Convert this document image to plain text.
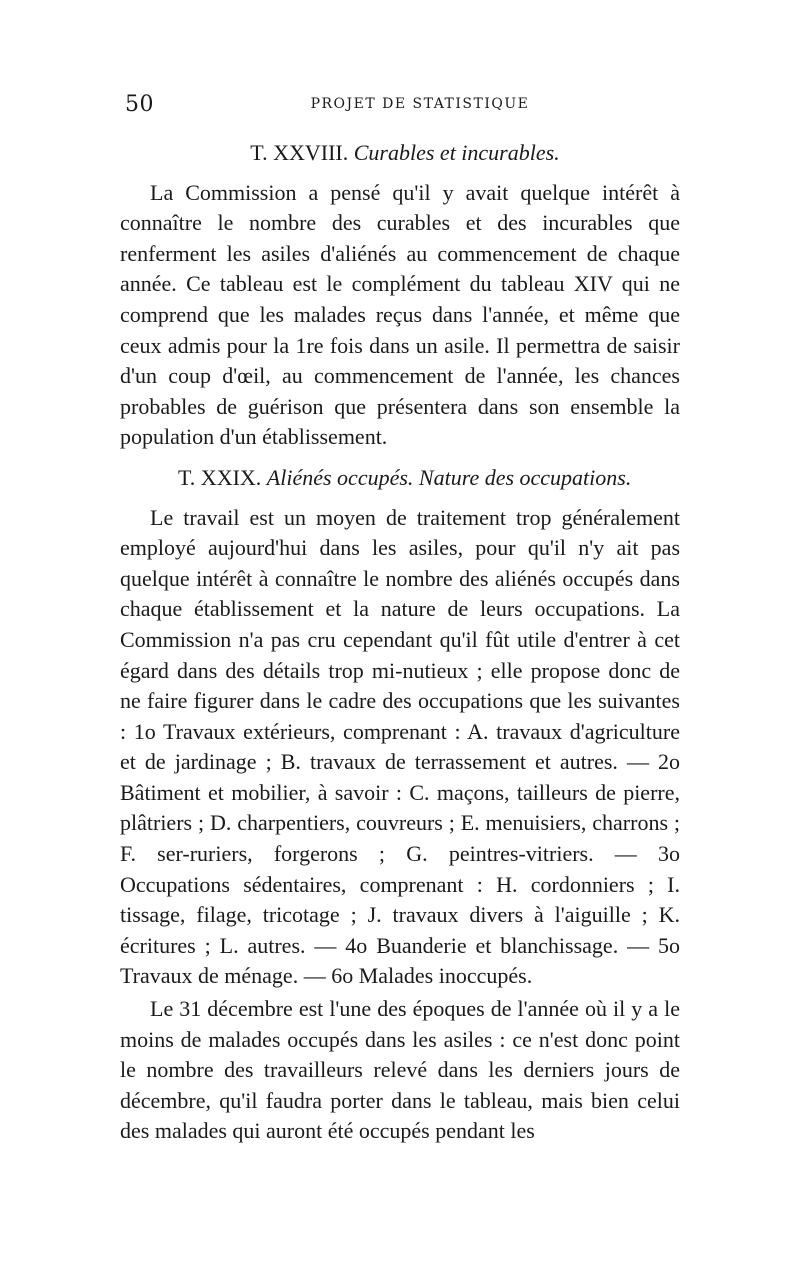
50	PROJET DE STATISTIQUE
T. XXVIII. Curables et incurables.

La Commission a pensé qu'il y avait quelque intérêt à connaître le nombre des curables et des incurables que renferment les asiles d'aliénés au commencement de chaque année. Ce tableau est le complément du tableau XIV qui ne comprend que les malades reçus dans l'année, et même que ceux admis pour la 1re fois dans un asile. Il permettra de saisir d'un coup d'œil, au commencement de l'année, les chances probables de guérison que présentera dans son ensemble la population d'un établissement.

T. XXIX. Aliénés occupés. Nature des occupations.

Le travail est un moyen de traitement trop généralement employé aujourd'hui dans les asiles, pour qu'il n'y ait pas quelque intérêt à connaître le nombre des aliénés occupés dans chaque établissement et la nature de leurs occupations. La Commission n'a pas cru cependant qu'il fût utile d'entrer à cet égard dans des détails trop mi-nutieux ; elle propose donc de ne faire figurer dans le cadre des occupations que les suivantes : 1o Travaux extérieurs, comprenant : A. travaux d'agriculture et de jardinage ; B. travaux de terrassement et autres. — 2o Bâtiment et mobilier, à savoir : C. maçons, tailleurs de pierre, plâtriers ; D. charpentiers, couvreurs ; E. menuisiers, charrons ; F. ser-ruriers, forgerons ; G. peintres-vitriers. — 3o Occupations sédentaires, comprenant : H. cordonniers ; I. tissage, filage, tricotage ; J. travaux divers à l'aiguille ; K. écritures ; L. autres. — 4o Buanderie et blanchissage. — 5o Travaux de ménage. — 6o Malades inoccupés.

Le 31 décembre est l'une des époques de l'année où il y a le moins de malades occupés dans les asiles : ce n'est donc point le nombre des travailleurs relevé dans les derniers jours de décembre, qu'il faudra porter dans le tableau, mais bien celui des malades qui auront été occupés pendant les
